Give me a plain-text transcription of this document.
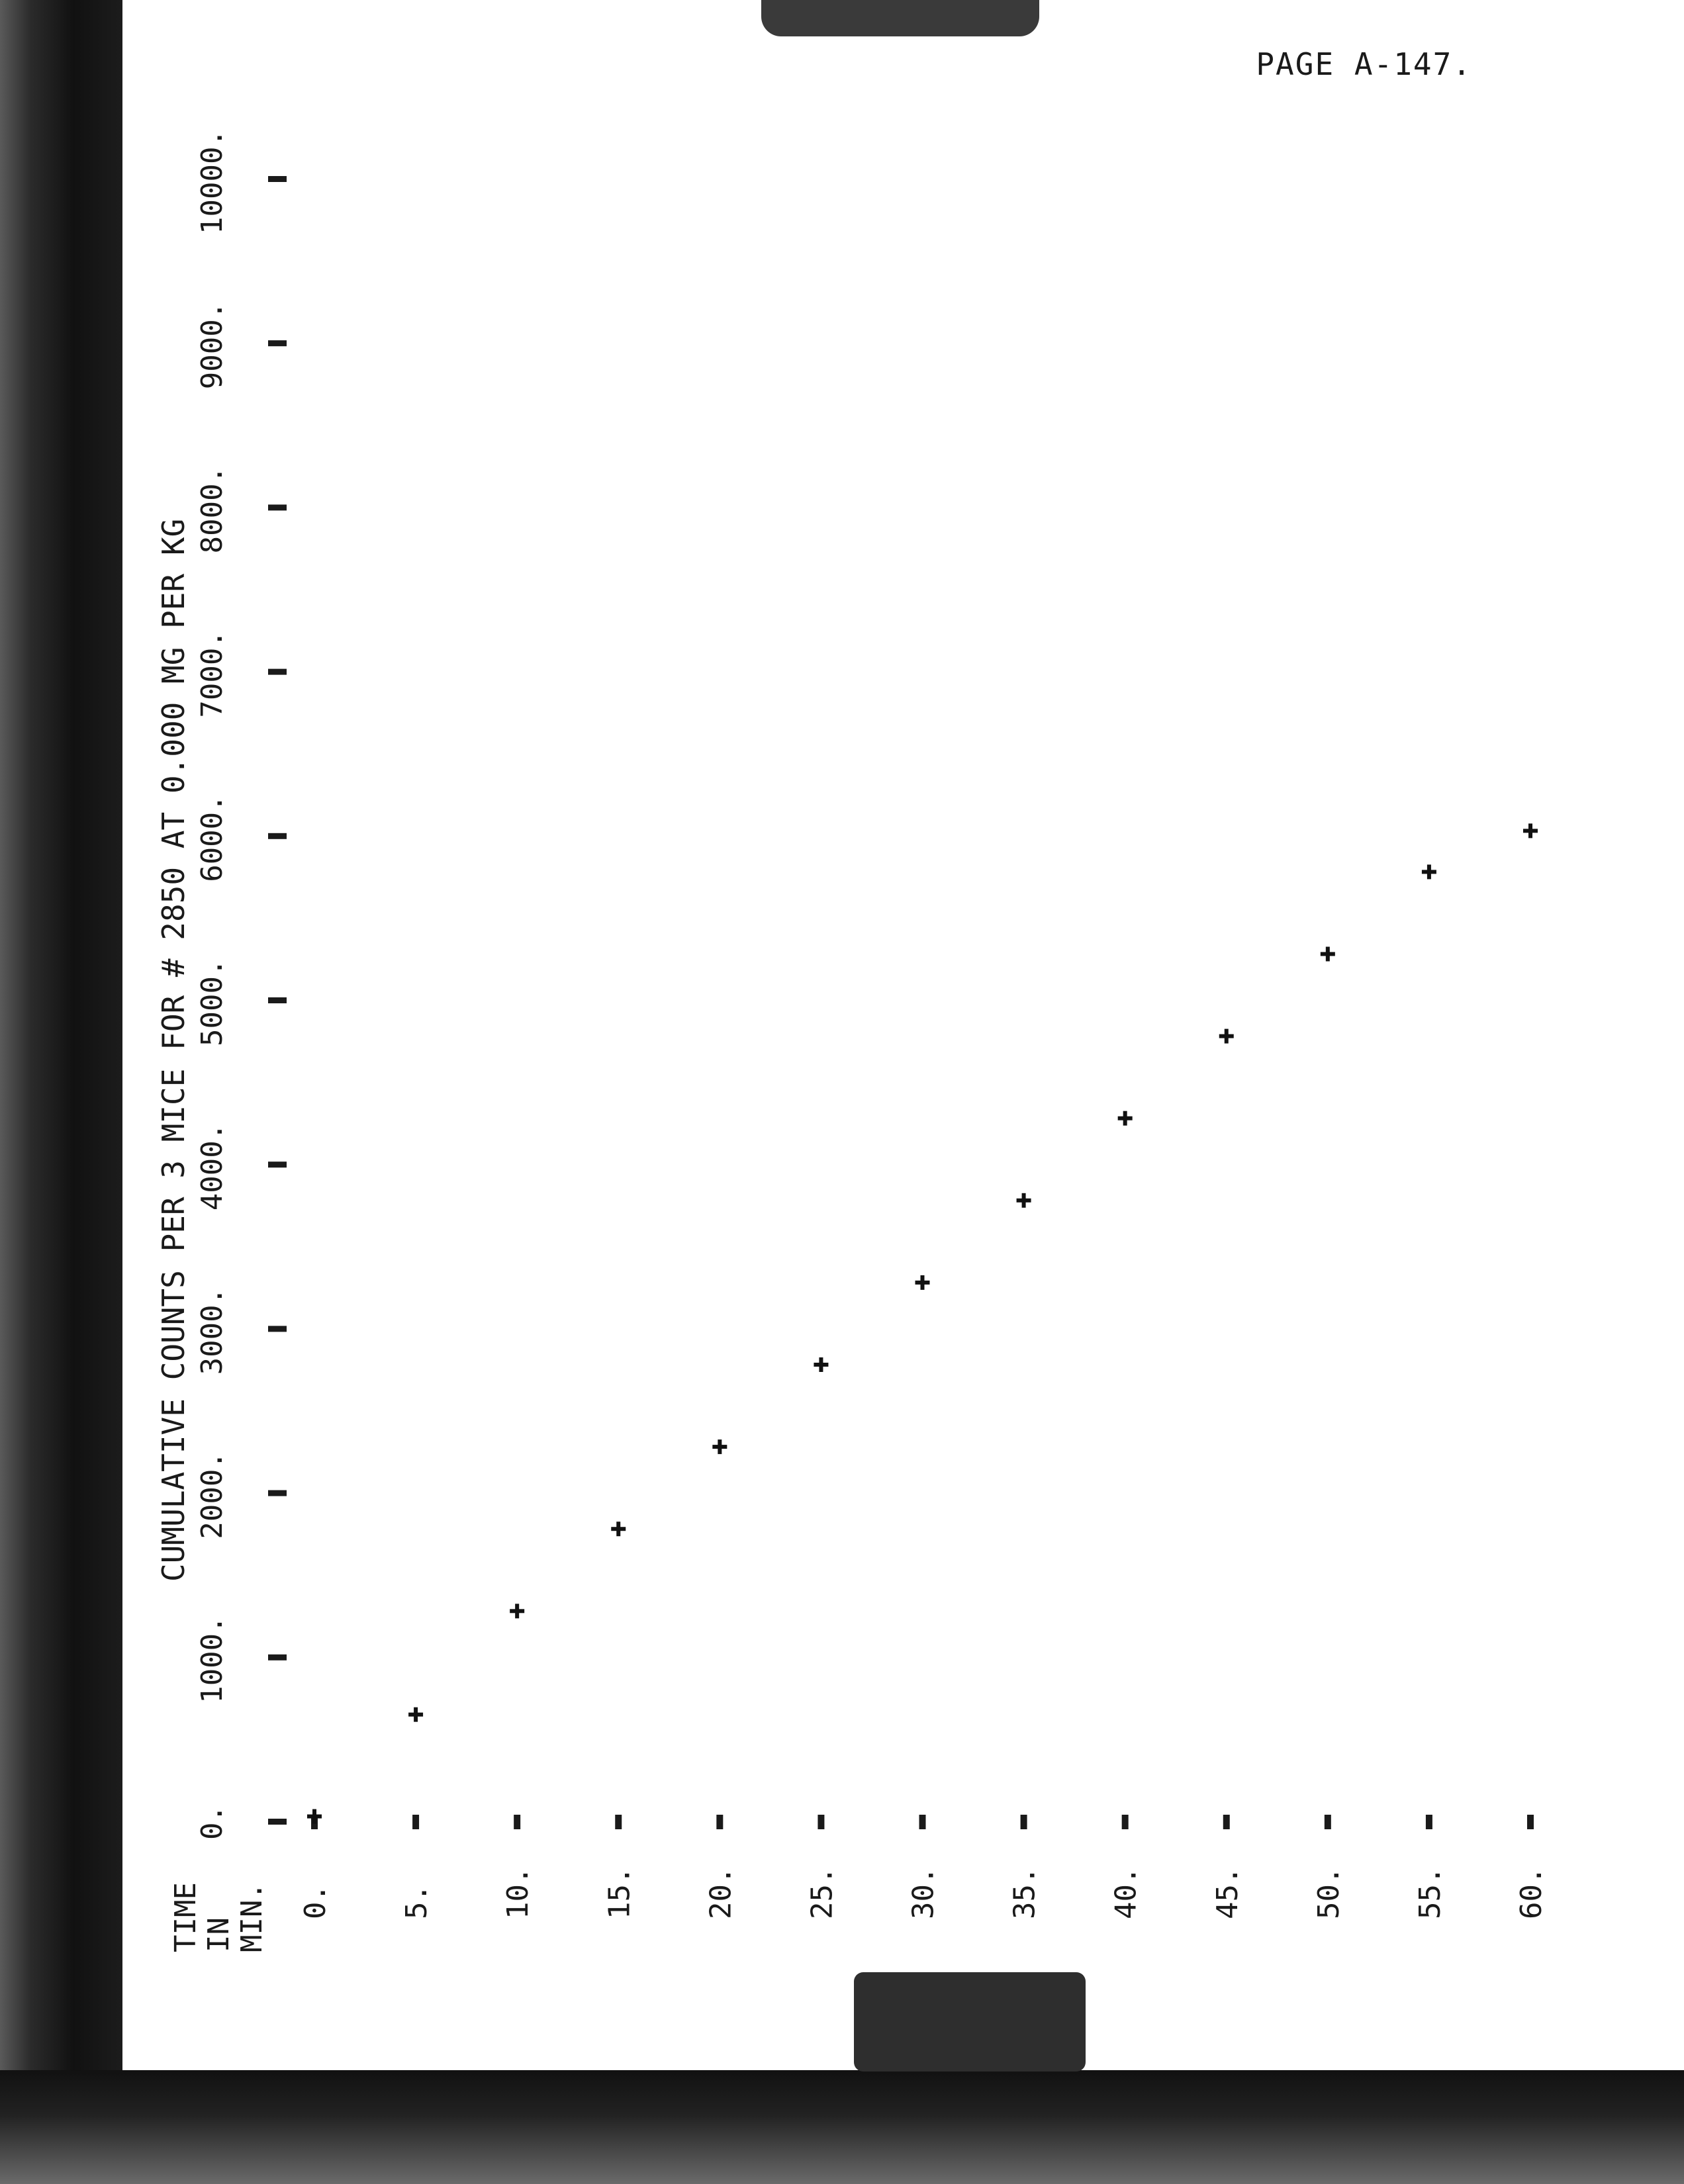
PAGE A-147.
CUMULATIVE COUNTS PER 3 MICE FOR # 2850 AT 0.000 MG PER KG
0.
1000.
2000.
3000.
4000.
5000.
6000.
7000.
8000.
9000.
10000.
0. 5. 10. 15. 20. 25. 30. 35. 40. 45. 50. 55. 60.
TIME IN MIN.
